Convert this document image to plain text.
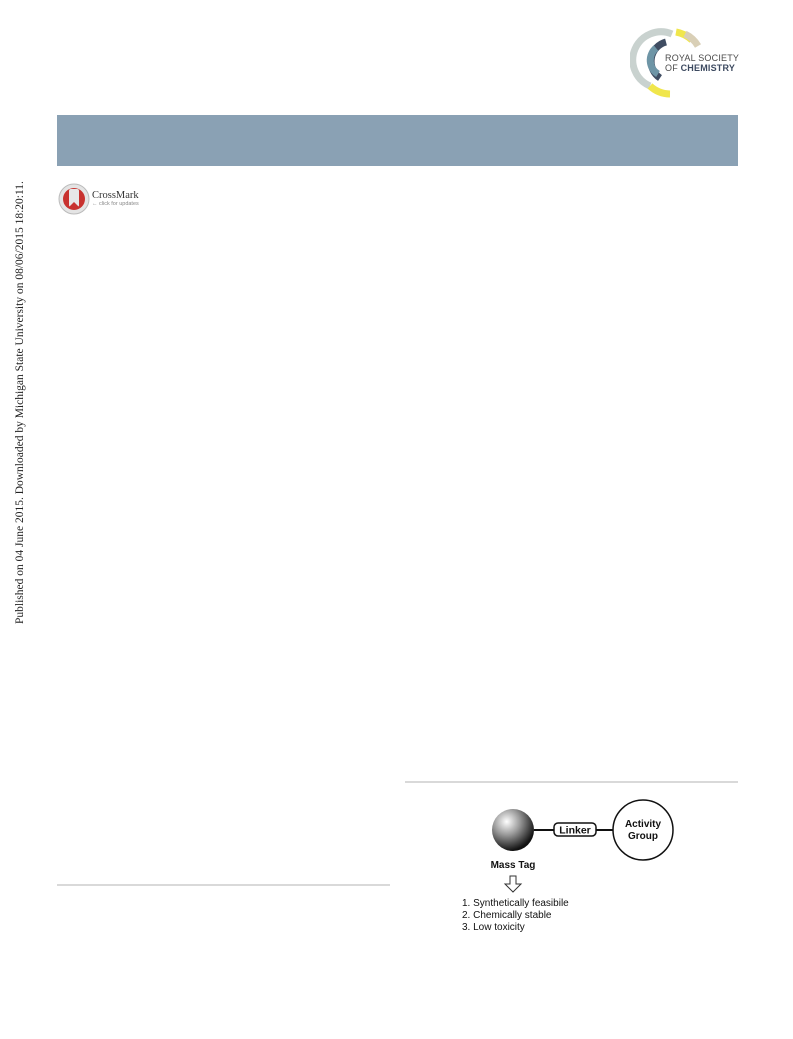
Published on 04 June 2015. Downloaded by Michigan State University on 08/06/2015 18:20:11.
ROYAL SOCIETY
OF CHEMISTRY
CrossMark
← click for updates
Linker	Activity
Group
Mass Tag
1. Synthetically feasibile
2. Chemically stable
3. Low toxicity
